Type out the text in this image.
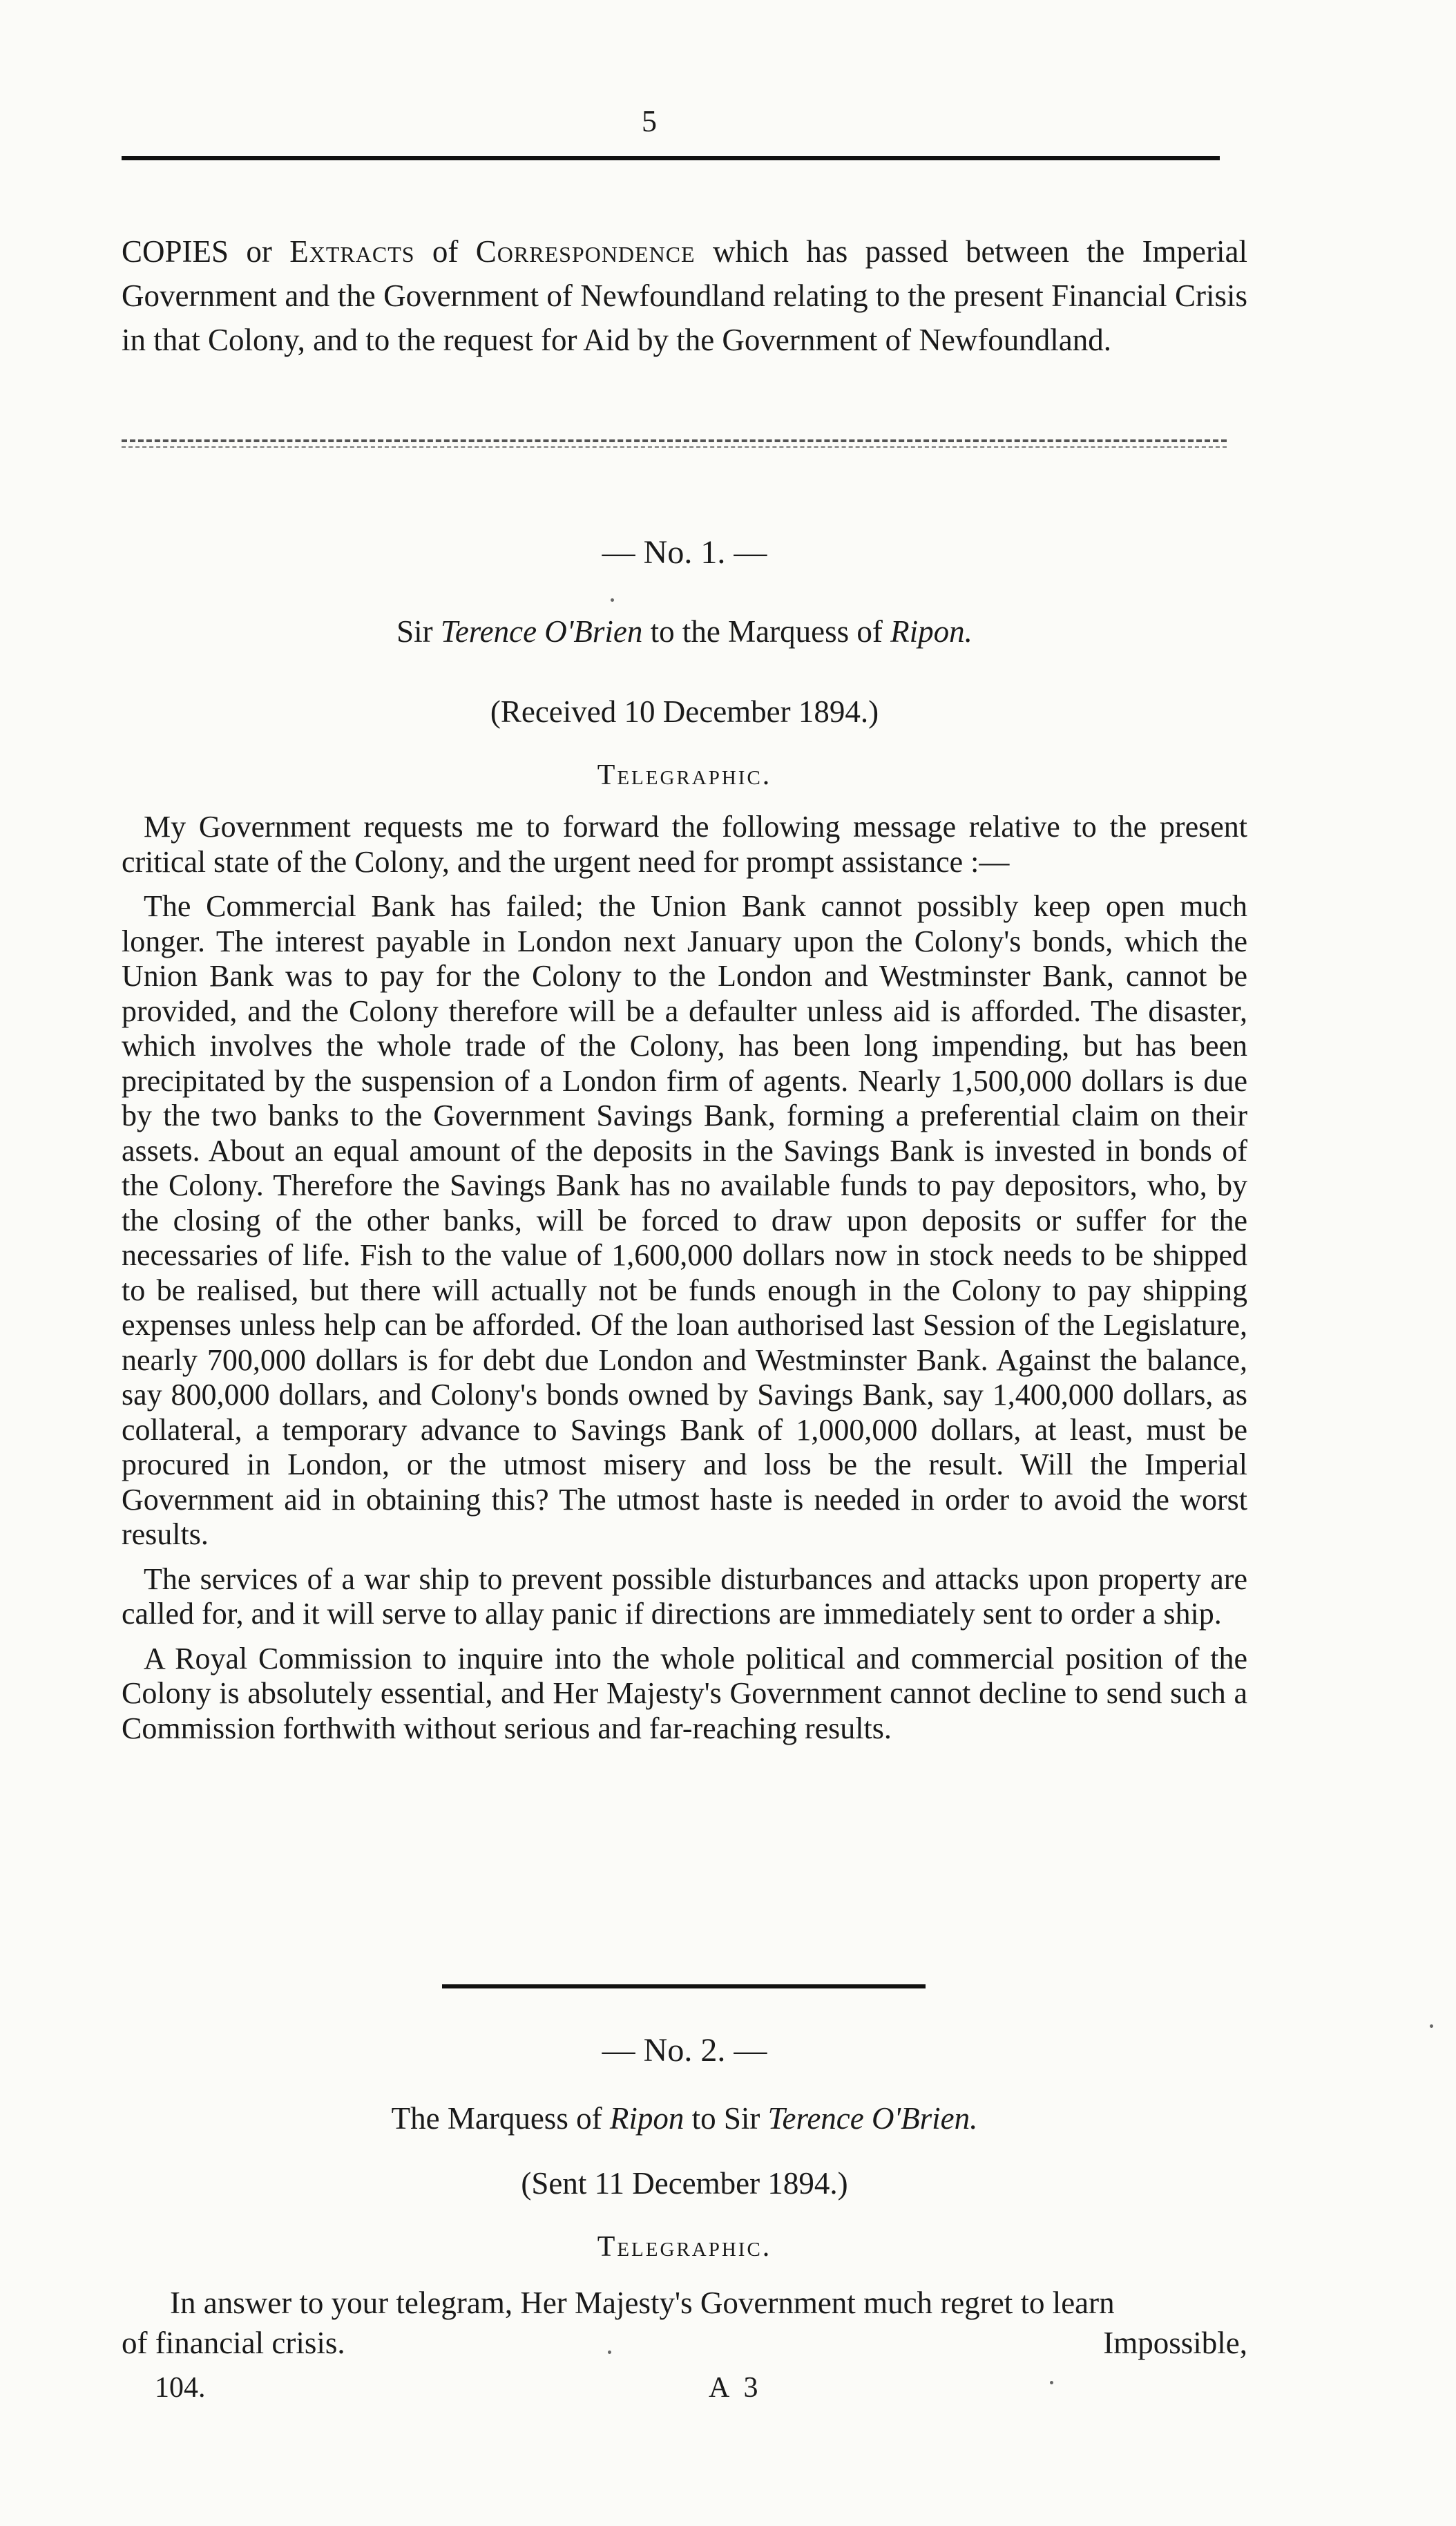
5
COPIES or Extracts of Correspondence which has passed between the Imperial Government and the Government of Newfoundland relating to the present Financial Crisis in that Colony, and to the request for Aid by the Government of Newfoundland.
— No. 1. —
Sir Terence O'Brien to the Marquess of Ripon.
(Received 10 December 1894.)
Telegraphic.

My Government requests me to forward the following message relative to the present critical state of the Colony, and the urgent need for prompt assistance :—

The Commercial Bank has failed; the Union Bank cannot possibly keep open much longer. The interest payable in London next January upon the Colony's bonds, which the Union Bank was to pay for the Colony to the London and Westminster Bank, cannot be provided, and the Colony therefore will be a defaulter unless aid is afforded. The disaster, which involves the whole trade of the Colony, has been long impending, but has been precipitated by the suspension of a London firm of agents. Nearly 1,500,000 dollars is due by the two banks to the Government Savings Bank, forming a preferential claim on their assets. About an equal amount of the deposits in the Savings Bank is invested in bonds of the Colony. Therefore the Savings Bank has no available funds to pay depositors, who, by the closing of the other banks, will be forced to draw upon deposits or suffer for the necessaries of life. Fish to the value of 1,600,000 dollars now in stock needs to be shipped to be realised, but there will actually not be funds enough in the Colony to pay shipping expenses unless help can be afforded. Of the loan authorised last Session of the Legislature, nearly 700,000 dollars is for debt due London and Westminster Bank. Against the balance, say 800,000 dollars, and Colony's bonds owned by Savings Bank, say 1,400,000 dollars, as collateral, a temporary advance to Savings Bank of 1,000,000 dollars, at least, must be procured in London, or the utmost misery and loss be the result. Will the Imperial Government aid in obtaining this? The utmost haste is needed in order to avoid the worst results.

The services of a war ship to prevent possible disturbances and attacks upon property are called for, and it will serve to allay panic if directions are immediately sent to order a ship.

A Royal Commission to inquire into the whole political and commercial position of the Colony is absolutely essential, and Her Majesty's Government cannot decline to send such a Commission forthwith without serious and far-reaching results.

— No. 2. —
The Marquess of Ripon to Sir Terence O'Brien.
(Sent 11 December 1894.)
Telegraphic.
In answer to your telegram, Her Majesty's Government much regret to learn
of financial crisis.	Impossible,
104.	A 3
